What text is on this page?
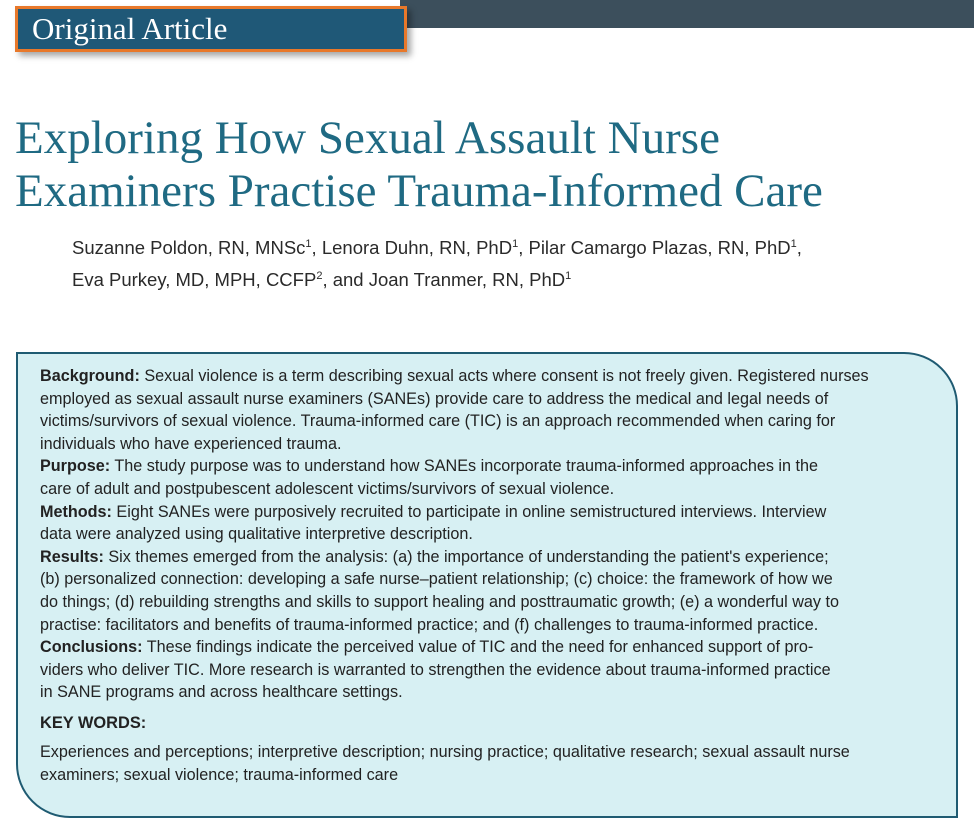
Original Article
Exploring How Sexual Assault Nurse
Examiners Practise Trauma-Informed Care
Suzanne Poldon, RN, MNSc$^1$, Lenora Duhn, RN, PhD$^1$, Pilar Camargo Plazas, RN, PhD$^1$,
Eva Purkey, MD, MPH, CCFP$^2$, and Joan Tranmer, RN, PhD$^1$

Background: Sexual violence is a term describing sexual acts where consent is not freely given. Registered nurses
employed as sexual assault nurse examiners (SANEs) provide care to address the medical and legal needs of
victims/survivors of sexual violence. Trauma-informed care (TIC) is an approach recommended when caring for
individuals who have experienced trauma.

Purpose: The study purpose was to understand how SANEs incorporate trauma-informed approaches in the
care of adult and postpubescent adolescent victims/survivors of sexual violence.

Methods: Eight SANEs were purposively recruited to participate in online semistructured interviews. Interview
data were analyzed using qualitative interpretive description.

Results: Six themes emerged from the analysis: (a) the importance of understanding the patient's experience;
(b) personalized connection: developing a safe nurse–patient relationship; (c) choice: the framework of how we
do things; (d) rebuilding strengths and skills to support healing and posttraumatic growth; (e) a wonderful way to
practise: facilitators and benefits of trauma-informed practice; and (f) challenges to trauma-informed practice.

Conclusions: These findings indicate the perceived value of TIC and the need for enhanced support of pro-
viders who deliver TIC. More research is warranted to strengthen the evidence about trauma-informed practice
in SANE programs and across healthcare settings.

KEY WORDS:

Experiences and perceptions; interpretive description; nursing practice; qualitative research; sexual assault nurse
examiners; sexual violence; trauma-informed care
